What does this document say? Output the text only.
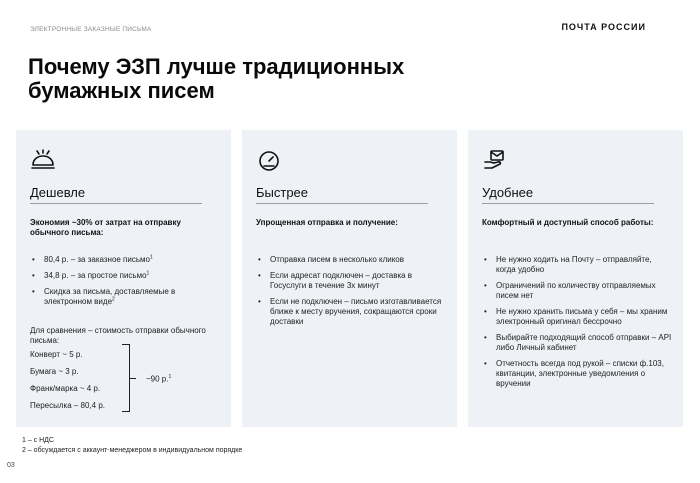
ЭЛЕКТРОННЫЕ ЗАКАЗНЫЕ ПИСЬМА	ПОЧТА РОССИИ
Почему ЭЗП лучше традиционных
бумажных писем
Дешевле
Экономия ~30% от затрат на отправку обычного письма:
• 80,4 р. – за заказное письмо$^1$
• 34,8 р. – за простое письмо$^1$
• Скидка за письма, доставляемые в электронном виде$^2$
Для сравнения – стоимость отправки обычного письма:
Конверт ~ 5 р.
Бумага ~ 3 р.
Франк/марка ~ 4 р.
Пересылка – 80,4 р.
~90 р.$^1$
Быстрее
Упрощенная отправка и получение:
• Отправка писем в несколько кликов
• Если адресат подключен – доставка в Госуслуги в течение 3х минут
• Если не подключен – письмо изготавливается ближе к месту вручения, сокращаются сроки доставки
Удобнее
Комфортный и доступный способ работы:
• Не нужно ходить на Почту – отправляйте, когда удобно
• Ограничений по количеству отправляемых писем нет
• Не нужно хранить письма у себя – мы храним электронный оригинал бессрочно
• Выбирайте подходящий способ отправки – API либо Личный кабинет
• Отчетность всегда под рукой – списки ф.103, квитанции, электронные уведомления о вручении
1 – с НДС
2 – обсуждается с аккаунт-менеджером в индивидуальном порядке
03
